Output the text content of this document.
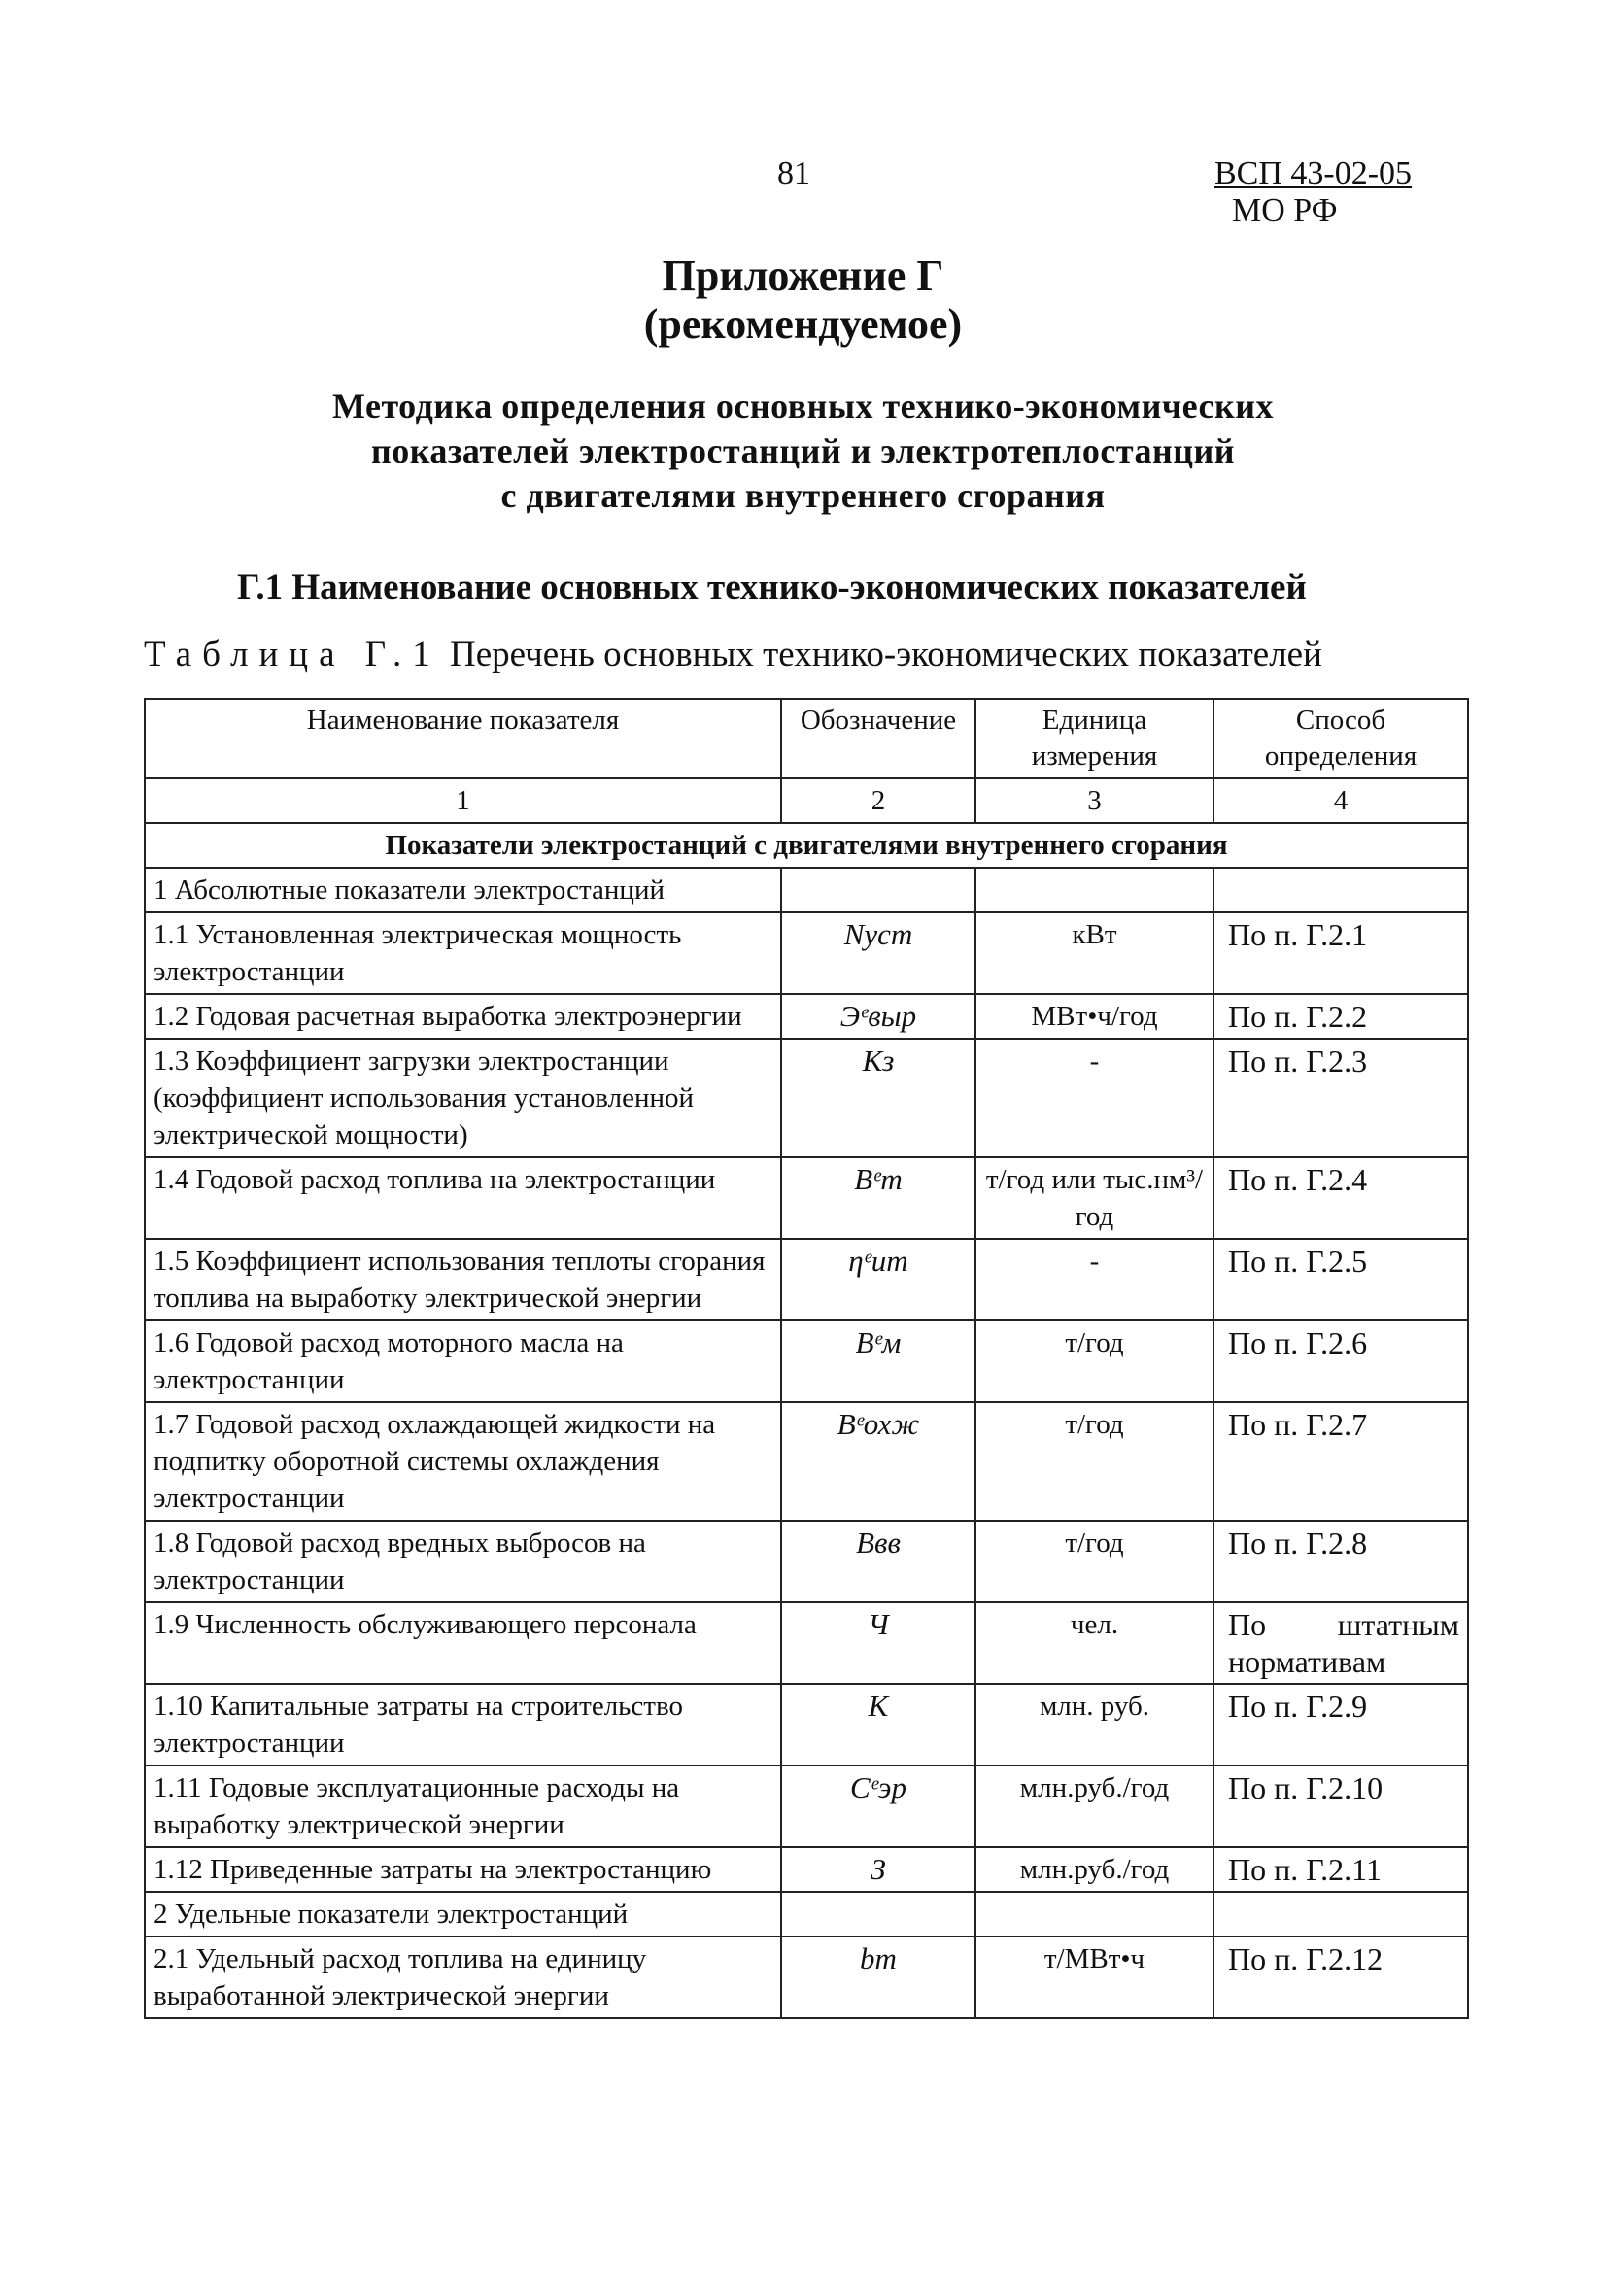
81	ВСП 43-02-05
МО РФ
Приложение Г
(рекомендуемое)
Методика определения основных технико-экономических
показателей электростанций и электротеплостанций
с двигателями внутреннего сгорания
Г.1 Наименование основных технико-экономических показателей
Таблица Г.1 Перечень основных технико-экономических показателей
Наименование показателя	Обозначение	Единица измерения	Способ определения
1	2	3	4
Показатели электростанций с двигателями внутреннего сгорания			
1 Абсолютные показатели электростанций			
1.1 Установленная электрическая мощность электростанции	Nуст	кВт	По п. Г.2.1
1.2 Годовая расчетная выработка электроэнергии	Эᵉвыр	МВт•ч/год	По п. Г.2.2
1.3 Коэффициент загрузки электростанции (коэффициент использования установленной электрической мощности)	Kз	-	По п. Г.2.3
1.4 Годовой расход топлива на электростанции	Bᵉт	т/год или тыс.нм³/год	По п. Г.2.4
1.5 Коэффициент использования теплоты сгорания топлива на выработку электрической энергии	ηᵉит	-	По п. Г.2.5
1.6 Годовой расход моторного масла на электростанции	Bᵉм	т/год	По п. Г.2.6
1.7 Годовой расход охлаждающей жидкости на подпитку оборотной системы охлаждения электростанции	Bᵉохж	т/год	По п. Г.2.7
1.8 Годовой расход вредных выбросов на электростанции	Bвв	т/год	По п. Г.2.8
1.9 Численность обслуживающего персонала	Ч	чел.	По штатным нормативам
1.10 Капитальные затраты на строительство электростанции	K	млн. руб.	По п. Г.2.9
1.11 Годовые эксплуатационные расходы на выработку электрической энергии	Cᵉэр	млн.руб./год	По п. Г.2.10
1.12 Приведенные затраты на электростанцию	З	млн.руб./год	По п. Г.2.11
2 Удельные показатели электростанций			
2.1 Удельный расход топлива на единицу выработанной электрической энергии	bт	т/МВт•ч	По п. Г.2.12
